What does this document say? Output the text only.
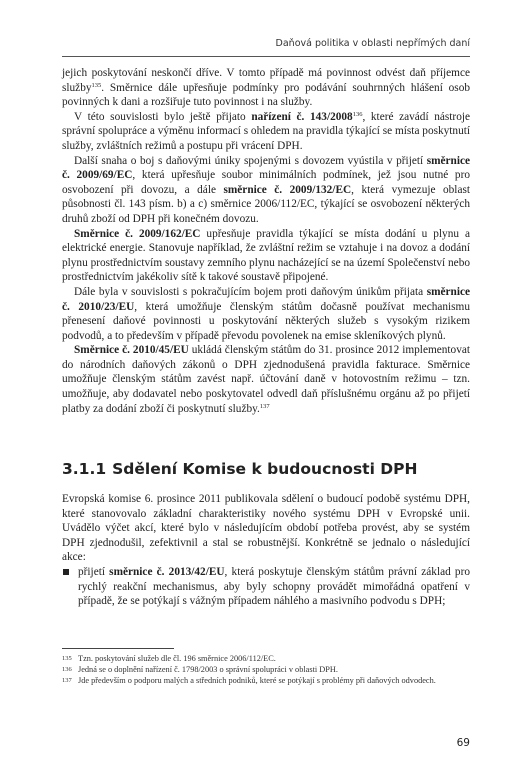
Daňová politika v oblasti nepřímých daní

jejich poskytování neskončí dříve. V tomto případě má povinnost odvést daň příjemce služby$^{135}$. Směrnice dále upřesňuje podmínky pro podávání souhrnných hlášení osob povinných k dani a rozšiřuje tuto povinnost i na služby.

V této souvislosti bylo ještě přijato nařízení č. 143/2008$^{136}$, které zavádí nástroje správní spolupráce a výměnu informací s ohledem na pravidla týkající se místa poskytnutí služby, zvláštních režimů a postupu při vrácení DPH.

Další snaha o boj s daňovými úniky spojenými s dovozem vyústila v přijetí směrnice č. 2009/69/EC, která upřesňuje soubor minimálních podmínek, jež jsou nutné pro osvobození při dovozu, a dále směrnice č. 2009/132/EC, která vymezuje oblast působnosti čl. 143 písm. b) a c) směrnice 2006/112/EC, týkající se osvobození některých druhů zboží od DPH při konečném dovozu.

Směrnice č. 2009/162/EC upřesňuje pravidla týkající se místa dodání u plynu a elektrické energie. Stanovuje například, že zvláštní režim se vztahuje i na dovoz a dodání plynu prostřednictvím soustavy zemního plynu nacházející se na území Společenství nebo prostřednictvím jakékoliv sítě k takové soustavě připojené.

Dále byla v souvislosti s pokračujícím bojem proti daňovým únikům přijata směrnice č. 2010/23/EU, která umožňuje členským státům dočasně používat mechanismu přenesení daňové povinnosti u poskytování některých služeb s vysokým rizikem podvodů, a to především v případě převodu povolenek na emise skleníkových plynů.

Směrnice č. 2010/45/EU ukládá členským státům do 31. prosince 2012 implementovat do národních daňových zákonů o DPH zjednodušená pravidla fakturace. Směrnice umožňuje členským státům zavést např. účtování daně v hotovostním režimu – tzn. umožňuje, aby dodavatel nebo poskytovatel odvedl daň příslušnému orgánu až po přijetí platby za dodání zboží či poskytnutí služby.$^{137}$

3.1.1 Sdělení Komise k budoucnosti DPH

Evropská komise 6. prosince 2011 publikovala sdělení o budoucí podobě systému DPH, které stanovovalo základní charakteristiky nového systému DPH v Evropské unii. Uvádělo výčet akcí, které bylo v následujícím období potřeba provést, aby se systém DPH zjednodušil, zefektivnil a stal se robustnější. Konkrétně se jednalo o následující akce:

přijetí směrnice č. 2013/42/EU, která poskytuje členským státům právní základ pro rychlý reakční mechanismus, aby byly schopny provádět mimořádná opatření v případě, že se potýkají s vážným případem náhlého a masivního podvodu s DPH;

135 Tzn. poskytování služeb dle čl. 196 směrnice 2006/112/EC.

136 Jedná se o doplnění nařízení č. 1798/2003 o správní spolupráci v oblasti DPH.

137 Jde především o podporu malých a středních podniků, které se potýkají s problémy při daňových odvodech.

69
